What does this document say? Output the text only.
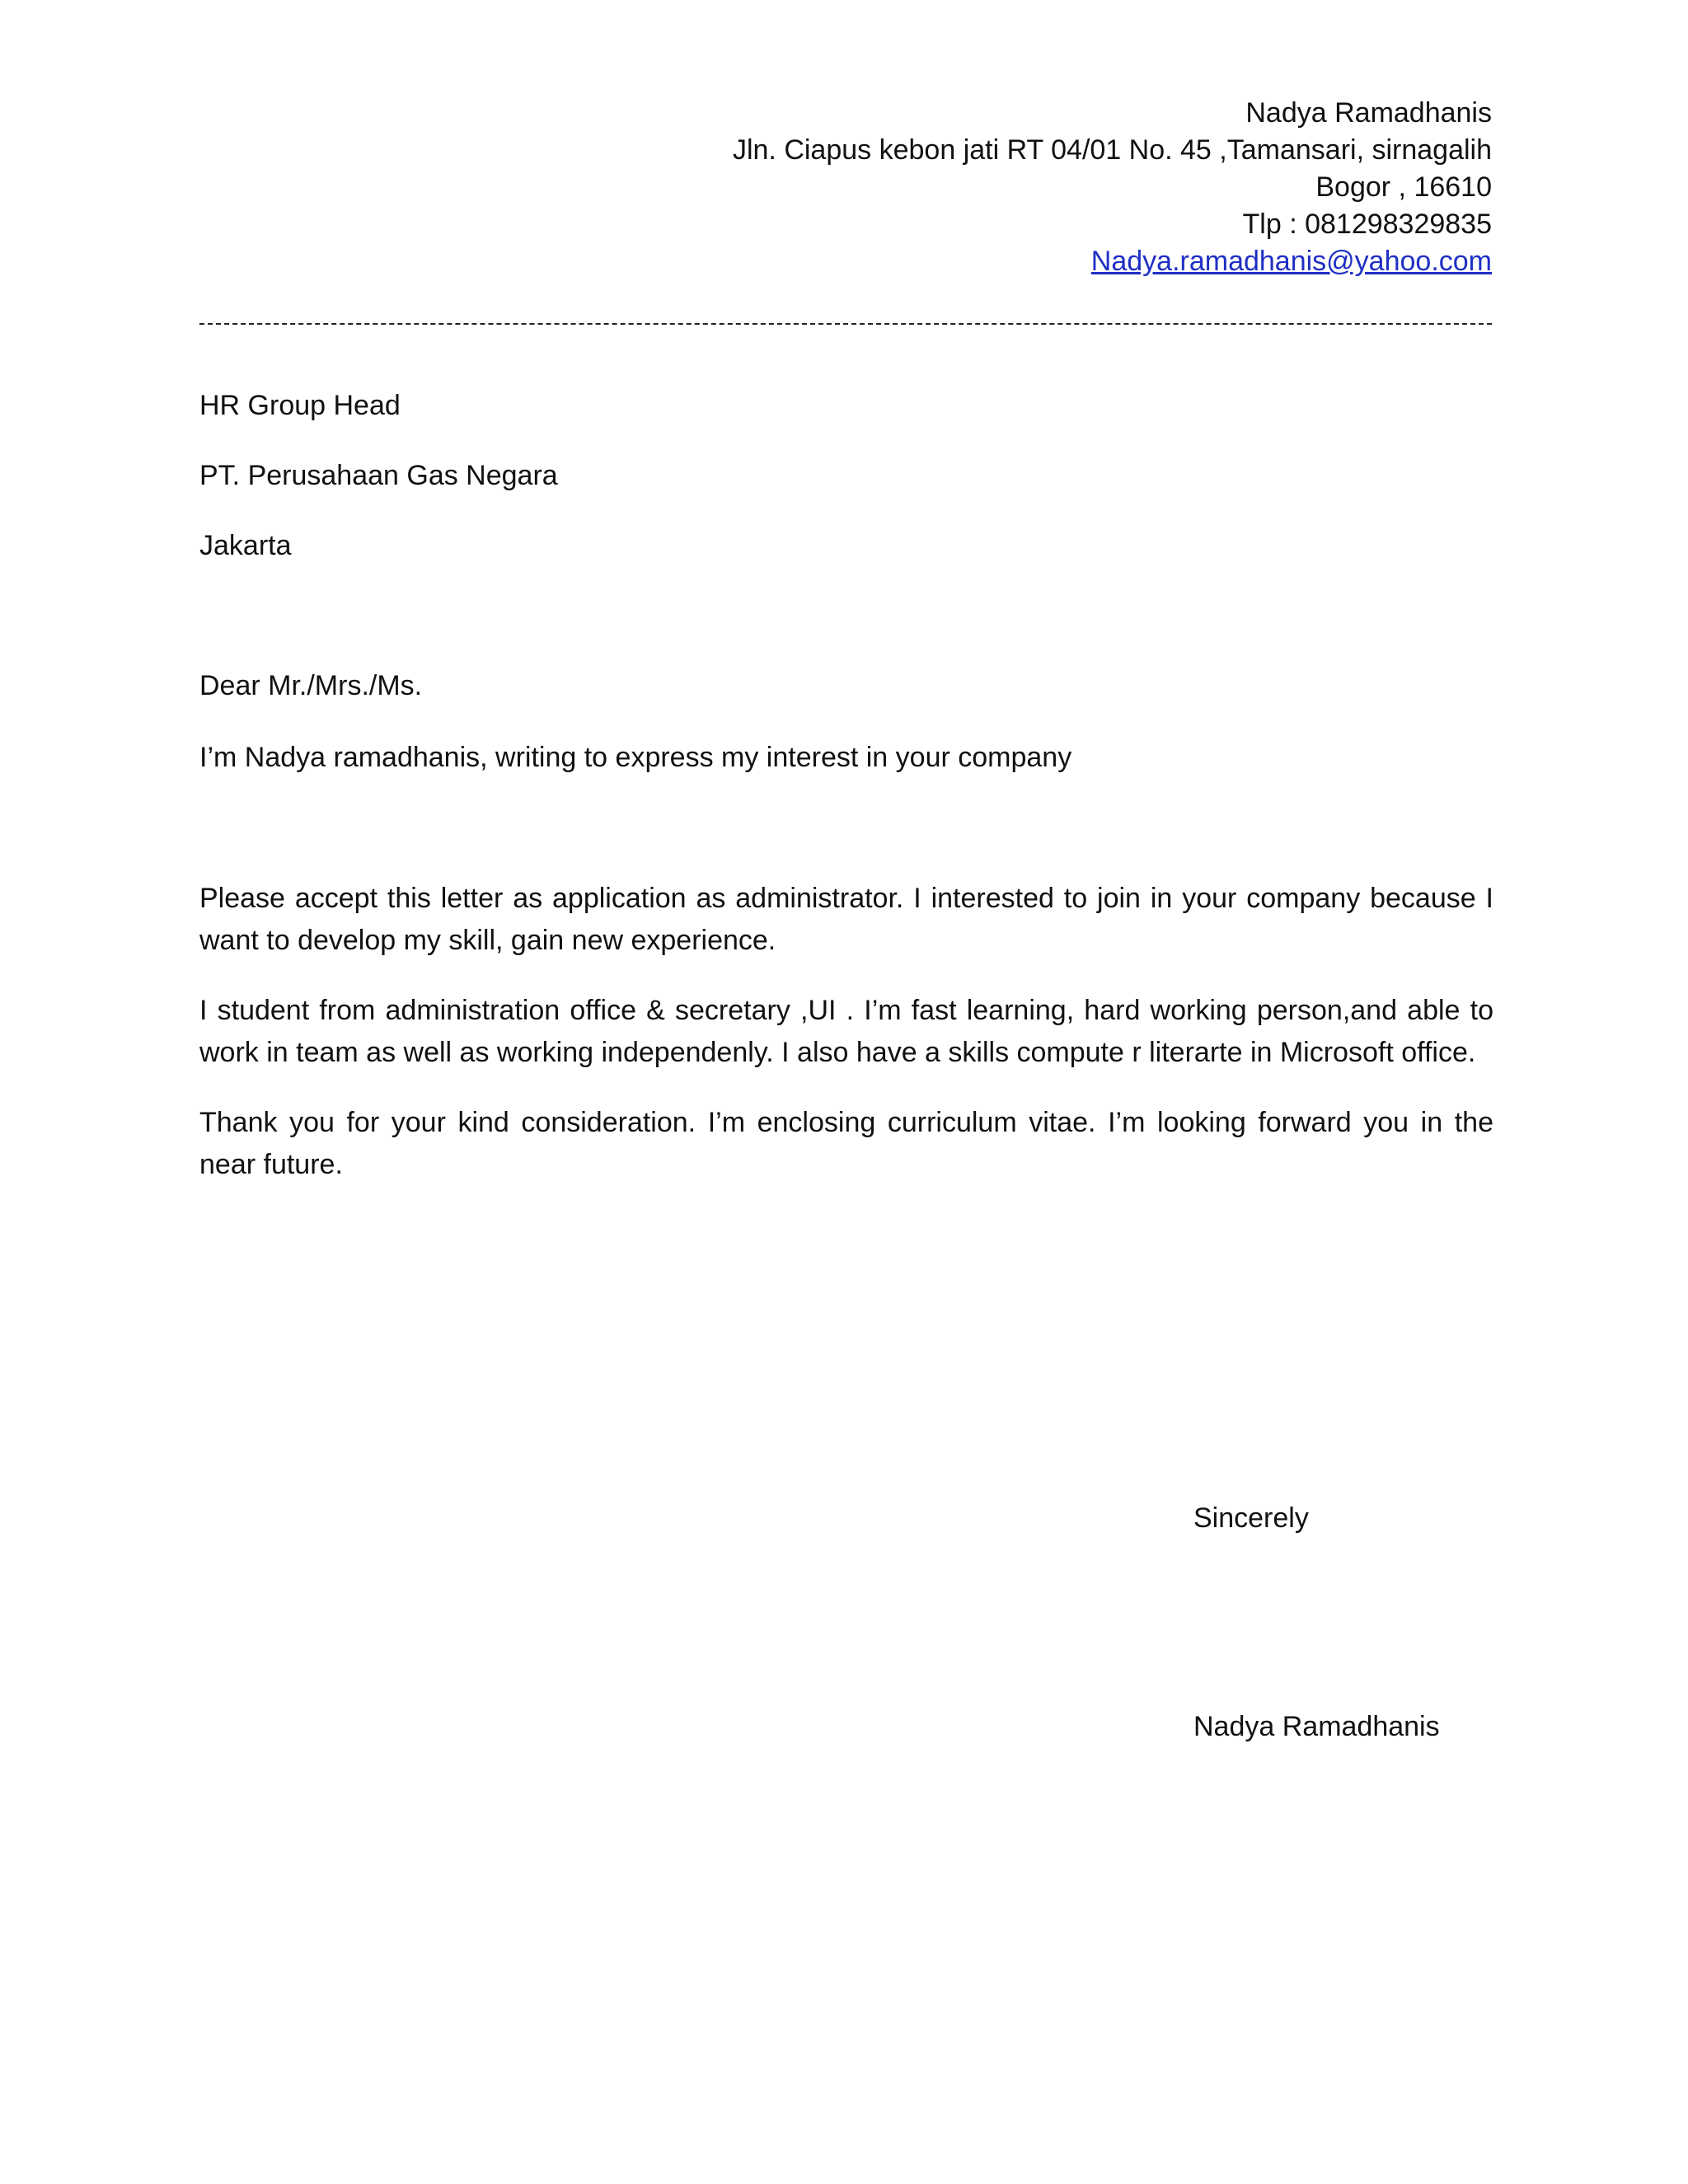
Nadya Ramadhanis
Jln. Ciapus kebon jati RT 04/01 No. 45 ,Tamansari, sirnagalih
Bogor , 16610
Tlp : 081298329835
Nadya.ramadhanis@yahoo.com
HR Group Head
PT. Perusahaan Gas Negara
Jakarta
Dear Mr./Mrs./Ms.
I’m Nadya ramadhanis, writing to express my interest in your company
Please accept this letter as application as administrator. I interested to join in your company because I want to develop my skill, gain new experience.
I student from administration office & secretary ,UI . I’m fast learning, hard working person,and able to work in team as well as working independenly. I also have a skills compute r literarte in Microsoft office.
Thank you for your kind consideration. I’m enclosing curriculum vitae. I’m looking forward you in the near future.
Sincerely
Nadya Ramadhanis
